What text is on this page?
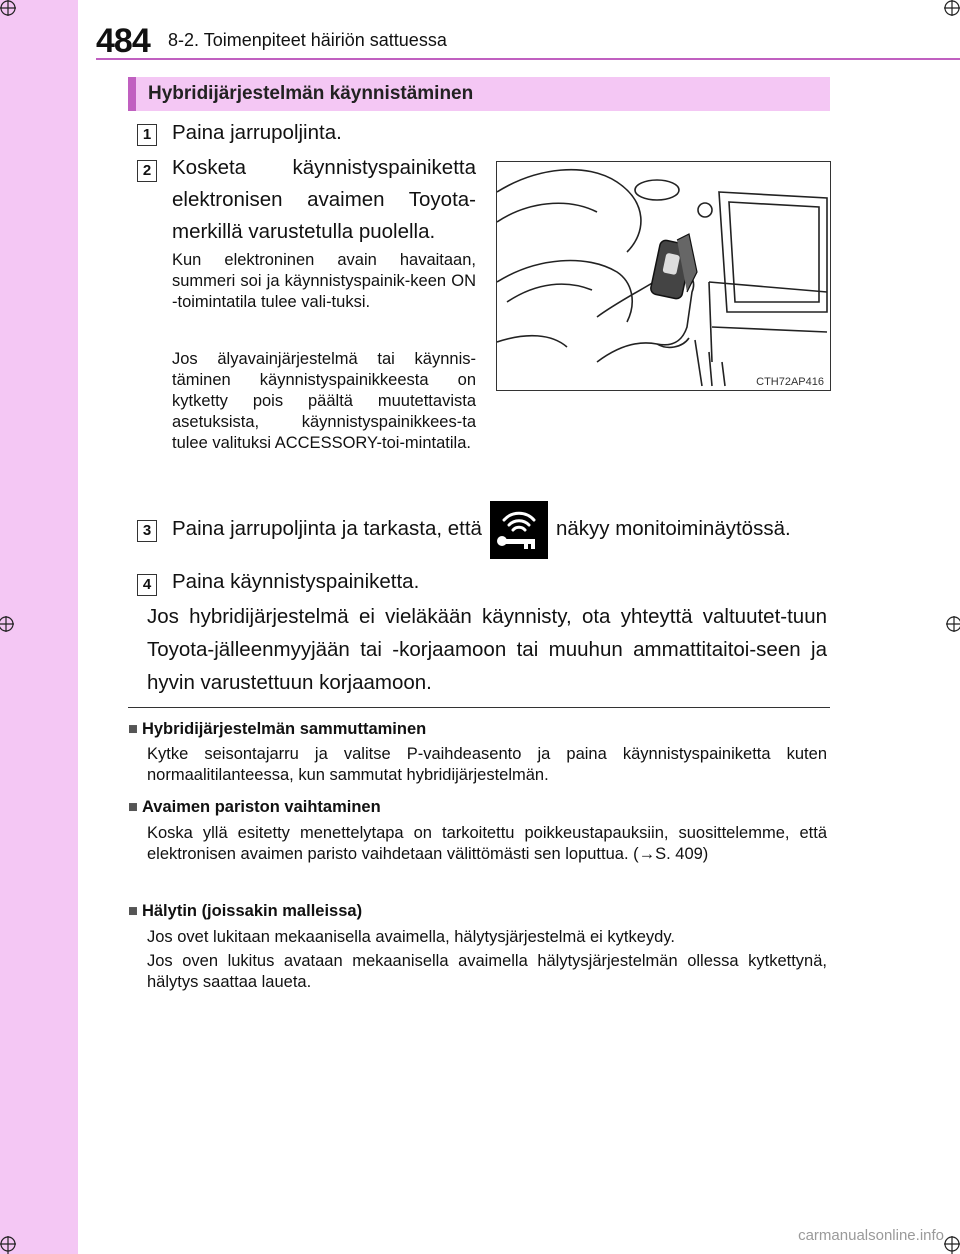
484 8-2. Toimenpiteet häiriön sattuessa
Hybridijärjestelmän käynnistäminen
1 Paina jarrupoljinta.
2 Kosketa käynnistyspainiketta elektronisen avaimen Toyota-merkillä varustetulla puolella.
Kun elektroninen avain havaitaan, summeri soi ja käynnistyspainik-keen ON -toimintatila tulee vali-tuksi.
Jos älyavainjärjestelmä tai käynnis-täminen käynnistyspainikkeesta on kytketty pois päältä muutettavista asetuksista, käynnistyspainikkees-ta tulee valituksi ACCESSORY-toi-mintatila.
CTH72AP416
3 Paina jarrupoljinta ja tarkasta, että	näkyy monitoiminäytössä.
4 Paina käynnistyspainiketta.
Jos hybridijärjestelmä ei vieläkään käynnisty, ota yhteyttä valtuutet-tuun Toyota-jälleenmyyjään tai -korjaamoon tai muuhun ammattitaitoi-seen ja hyvin varustettuun korjaamoon.
■ Hybridijärjestelmän sammuttaminen
Kytke seisontajarru ja valitse P-vaihdeasento ja paina käynnistyspainiketta kuten normaalitilanteessa, kun sammutat hybridijärjestelmän.
■ Avaimen pariston vaihtaminen
Koska yllä esitetty menettelytapa on tarkoitettu poikkeustapauksiin, suosittelemme, että elektronisen avaimen paristo vaihdetaan välittömästi sen loputtua. (→S. 409)
■ Hälytin (joissakin malleissa)
Jos ovet lukitaan mekaanisella avaimella, hälytysjärjestelmä ei kytkeydy.
Jos oven lukitus avataan mekaanisella avaimella hälytysjärjestelmän ollessa kytkettynä, hälytys saattaa laueta.
carmanualsonline.info
